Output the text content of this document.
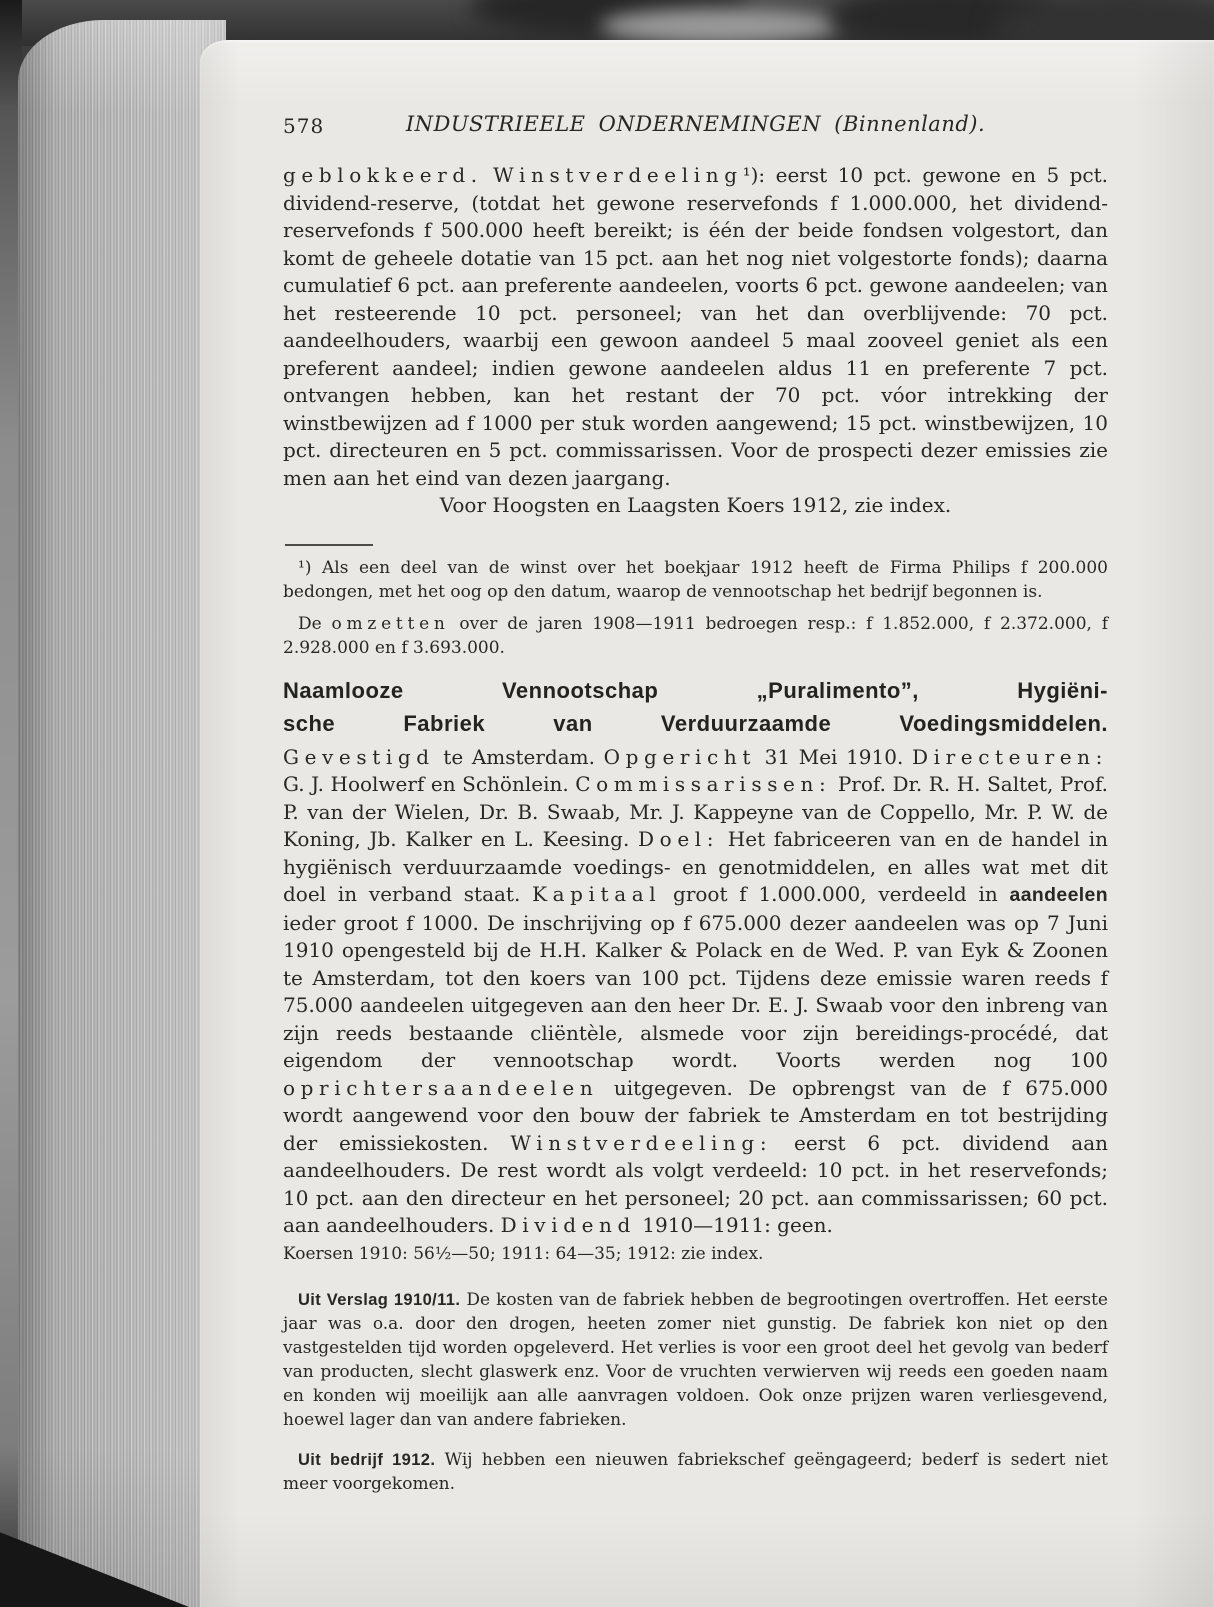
578	INDUSTRIEELE ONDERNEMINGEN (Binnenland).

geblokkeerd. Winstverdeeling¹): eerst 10 pct. gewone en 5 pct. dividend-reserve, (totdat het gewone reservefonds f 1.000.000, het dividend-reservefonds f 500.000 heeft bereikt; is één der beide fondsen volgestort, dan komt de geheele dotatie van 15 pct. aan het nog niet volgestorte fonds); daarna cumulatief 6 pct. aan preferente aandeelen, voorts 6 pct. gewone aandeelen; van het resteerende 10 pct. personeel; van het dan overblijvende: 70 pct. aandeelhouders, waarbij een gewoon aandeel 5 maal zooveel geniet als een preferent aandeel; indien gewone aandeelen aldus 11 en preferente 7 pct. ontvangen hebben, kan het restant der 70 pct. vóor intrekking der winstbewijzen ad f 1000 per stuk worden aangewend; 15 pct. winstbewijzen, 10 pct. directeuren en 5 pct. commissarissen. Voor de prospecti dezer emissies zie men aan het eind van dezen jaargang.

Voor Hoogsten en Laagsten Koers 1912, zie index.

¹) Als een deel van de winst over het boekjaar 1912 heeft de Firma Philips f 200.000 bedongen, met het oog op den datum, waarop de vennootschap het bedrijf begonnen is.

De omzetten over de jaren 1908—1911 bedroegen resp.: f 1.852.000, f 2.372.000, f 2.928.000 en f 3.693.000.

Naamlooze Vennootschap „Puralimento”, Hygiëni-
sche Fabriek van Verduurzaamde Voedingsmiddelen.

Gevestigd te Amsterdam. Opgericht 31 Mei 1910. Directeuren: G. J. Hoolwerf en Schönlein. Commissarissen: Prof. Dr. R. H. Saltet, Prof. P. van der Wielen, Dr. B. Swaab, Mr. J. Kappeyne van de Coppello, Mr. P. W. de Koning, Jb. Kalker en L. Keesing. Doel: Het fabriceeren van en de handel in hygiënisch verduurzaamde voedings- en genotmiddelen, en alles wat met dit doel in verband staat. Kapitaal groot f 1.000.000, verdeeld in aandeelen ieder groot f 1000. De inschrijving op f 675.000 dezer aandeelen was op 7 Juni 1910 opengesteld bij de H.H. Kalker & Polack en de Wed. P. van Eyk & Zoonen te Amsterdam, tot den koers van 100 pct. Tijdens deze emissie waren reeds f 75.000 aandeelen uitgegeven aan den heer Dr. E. J. Swaab voor den inbreng van zijn reeds bestaande cliëntèle, alsmede voor zijn bereidings-procédé, dat eigendom der vennootschap wordt. Voorts werden nog 100 oprichtersaandeelen uitgegeven. De opbrengst van de f 675.000 wordt aangewend voor den bouw der fabriek te Amsterdam en tot bestrijding der emissiekosten. Winstverdeeling: eerst 6 pct. dividend aan aandeelhouders. De rest wordt als volgt verdeeld: 10 pct. in het reservefonds; 10 pct. aan den directeur en het personeel; 20 pct. aan commissarissen; 60 pct. aan aandeelhouders. Dividend 1910—1911: geen.

Koersen 1910: 56½—50; 1911: 64—35; 1912: zie index.

Uit Verslag 1910/11. De kosten van de fabriek hebben de begrootingen overtroffen. Het eerste jaar was o.a. door den drogen, heeten zomer niet gunstig. De fabriek kon niet op den vastgestelden tijd worden opgeleverd. Het verlies is voor een groot deel het gevolg van bederf van producten, slecht glaswerk enz. Voor de vruchten verwierven wij reeds een goeden naam en konden wij moeilijk aan alle aanvragen voldoen. Ook onze prijzen waren verliesgevend, hoewel lager dan van andere fabrieken.

Uit bedrijf 1912. Wij hebben een nieuwen fabriekschef geëngageerd; bederf is sedert niet meer voorgekomen.
